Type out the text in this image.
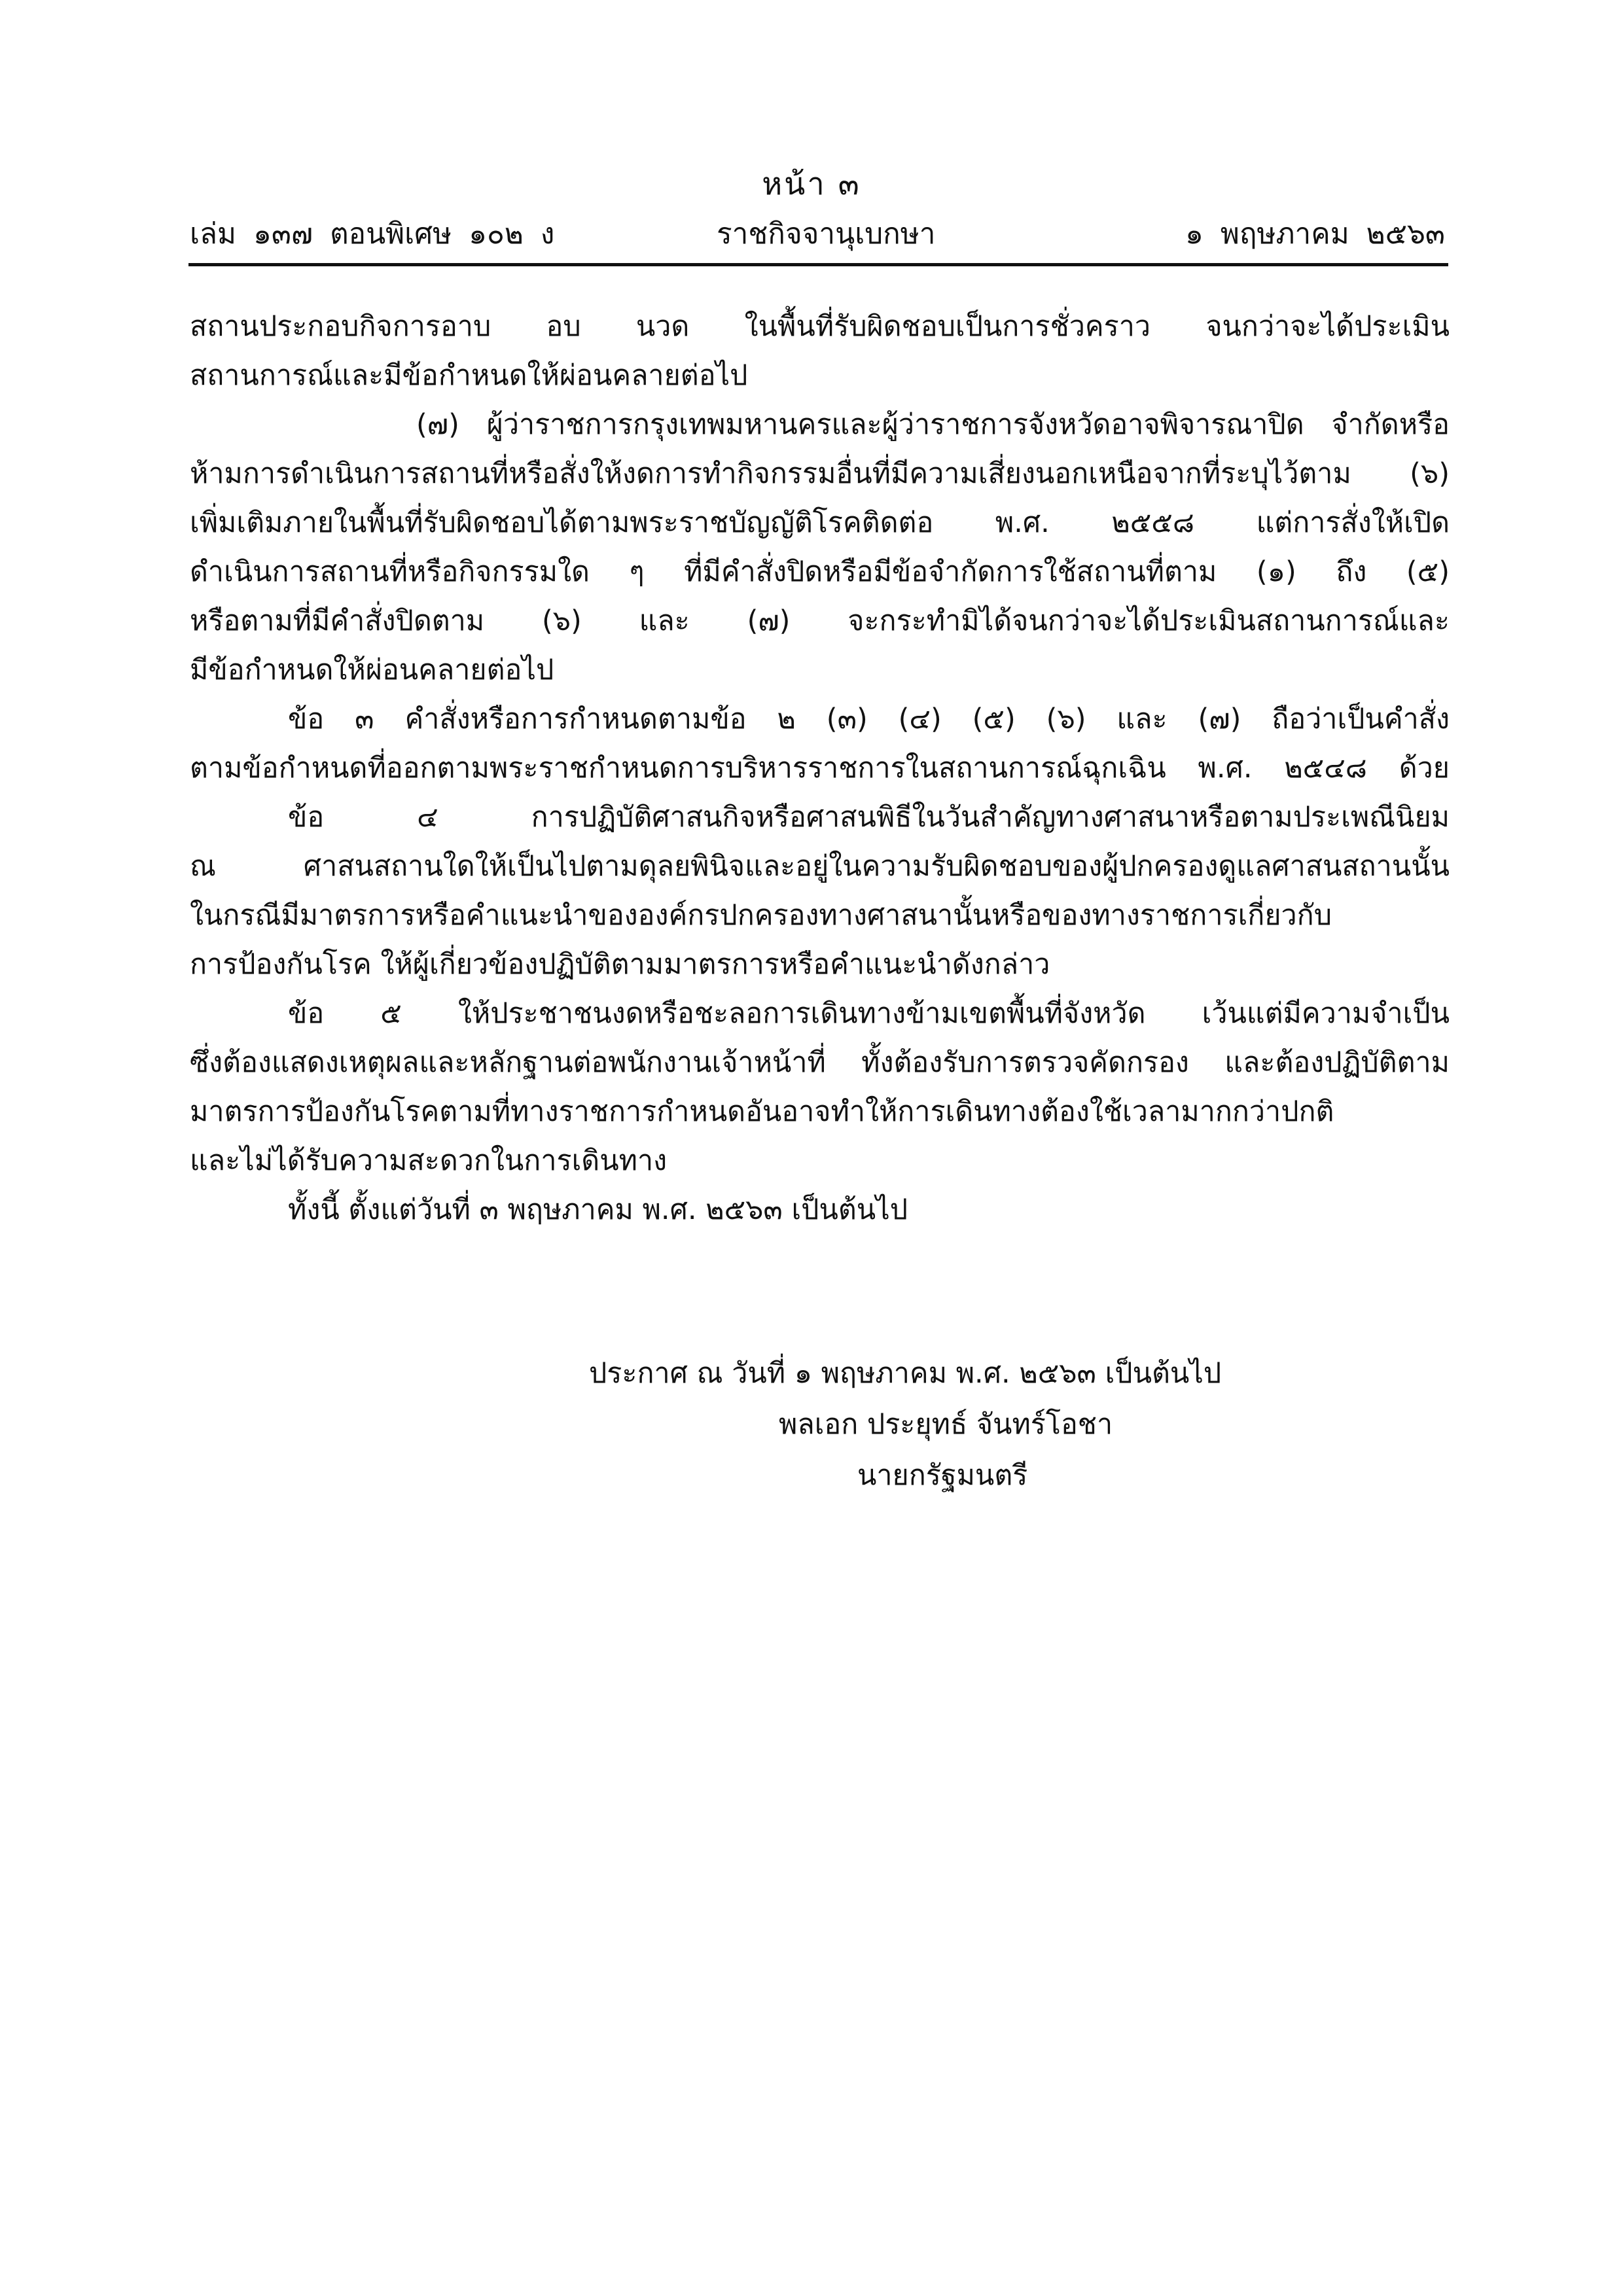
หน้า ๓
เล่ม ๑๓๗ ตอนพิเศษ ๑๐๒ ง	ราชกิจจานุเบกษา	๑ พฤษภาคม ๒๕๖๓
สถานประกอบกิจการอาบ อบ นวด ในพื้นที่รับผิดชอบเป็นการชั่วคราว จนกว่าจะได้ประเมิน
สถานการณ์และมีข้อกำหนดให้ผ่อนคลายต่อไป
(๗) ผู้ว่าราชการกรุงเทพมหานครและผู้ว่าราชการจังหวัดอาจพิจารณาปิด จำกัดหรือ
ห้ามการดำเนินการสถานที่หรือสั่งให้งดการทำกิจกรรมอื่นที่มีความเสี่ยงนอกเหนือจากที่ระบุไว้ตาม (๖)
เพิ่มเติมภายในพื้นที่รับผิดชอบได้ตามพระราชบัญญัติโรคติดต่อ พ.ศ. ๒๕๕๘ แต่การสั่งให้เปิด
ดำเนินการสถานที่หรือกิจกรรมใด ๆ ที่มีคำสั่งปิดหรือมีข้อจำกัดการใช้สถานที่ตาม (๑) ถึง (๕)
หรือตามที่มีคำสั่งปิดตาม (๖) และ (๗) จะกระทำมิได้จนกว่าจะได้ประเมินสถานการณ์และ
มีข้อกำหนดให้ผ่อนคลายต่อไป
ข้อ ๓ คำสั่งหรือการกำหนดตามข้อ ๒ (๓) (๔) (๕) (๖) และ (๗) ถือว่าเป็นคำสั่ง
ตามข้อกำหนดที่ออกตามพระราชกำหนดการบริหารราชการในสถานการณ์ฉุกเฉิน พ.ศ. ๒๕๔๘ ด้วย
ข้อ ๔ การปฏิบัติศาสนกิจหรือศาสนพิธีในวันสำคัญทางศาสนาหรือตามประเพณีนิยม
ณ ศาสนสถานใดให้เป็นไปตามดุลยพินิจและอยู่ในความรับผิดชอบของผู้ปกครองดูแลศาสนสถานนั้น
ในกรณีมีมาตรการหรือคำแนะนำขององค์กรปกครองทางศาสนานั้นหรือของทางราชการเกี่ยวกับ
การป้องกันโรค ให้ผู้เกี่ยวข้องปฏิบัติตามมาตรการหรือคำแนะนำดังกล่าว
ข้อ ๕ ให้ประชาชนงดหรือชะลอการเดินทางข้ามเขตพื้นที่จังหวัด เว้นแต่มีความจำเป็น
ซึ่งต้องแสดงเหตุผลและหลักฐานต่อพนักงานเจ้าหน้าที่ ทั้งต้องรับการตรวจคัดกรอง และต้องปฏิบัติตาม
มาตรการป้องกันโรคตามที่ทางราชการกำหนดอันอาจทำให้การเดินทางต้องใช้เวลามากกว่าปกติ
และไม่ได้รับความสะดวกในการเดินทาง
ทั้งนี้ ตั้งแต่วันที่ ๓ พฤษภาคม พ.ศ. ๒๕๖๓ เป็นต้นไป
ประกาศ ณ วันที่ ๑ พฤษภาคม พ.ศ. ๒๕๖๓ เป็นต้นไป
พลเอก ประยุทธ์ จันทร์โอชา
นายกรัฐมนตรี
